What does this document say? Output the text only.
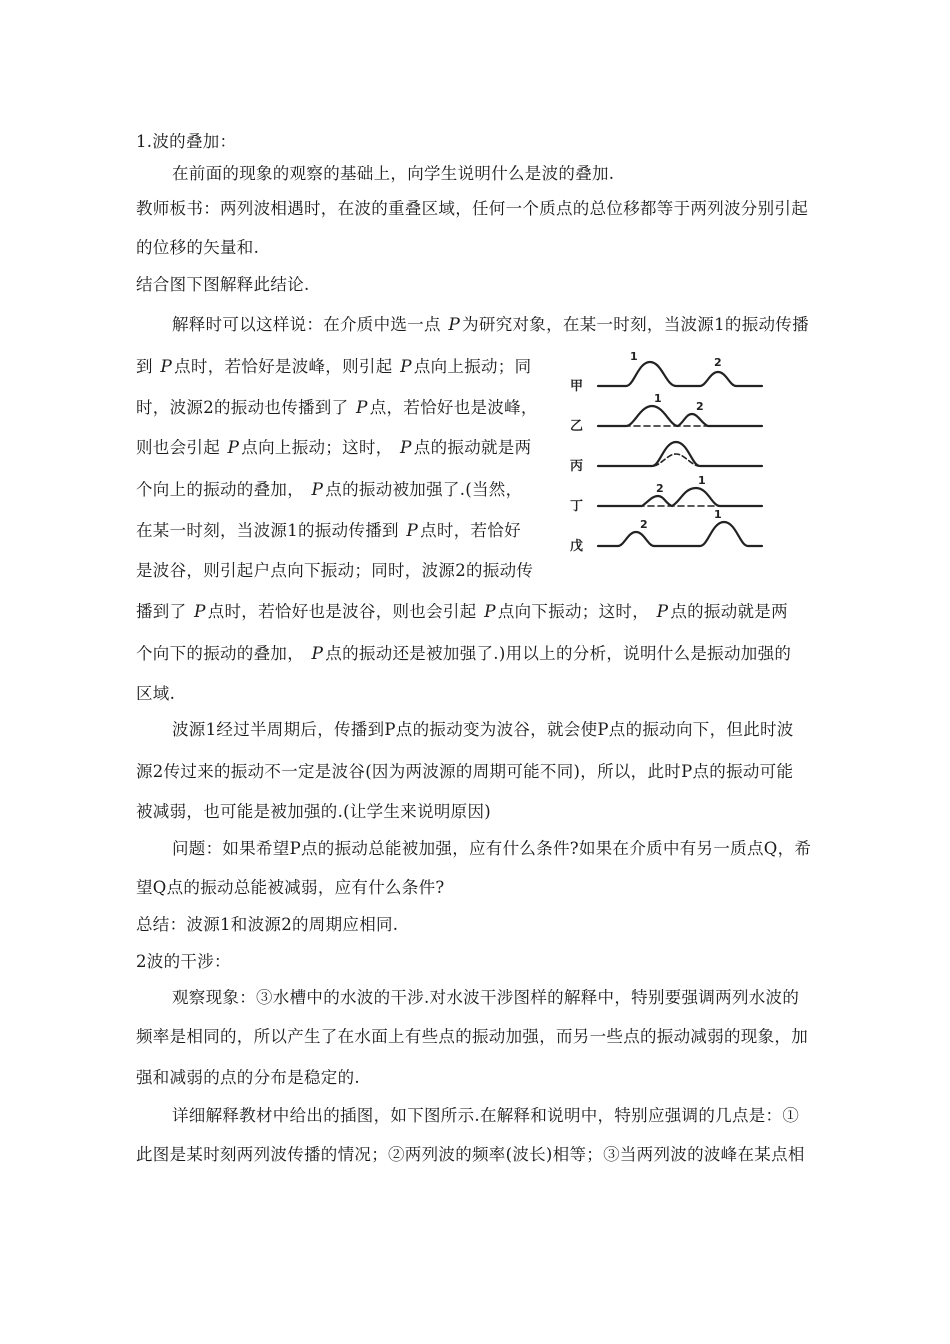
1.波的叠加：
在前面的现象的观察的基础上，向学生说明什么是波的叠加.
教师板书：两列波相遇时，在波的重叠区域，任何一个质点的总位移都等于两列波分别引起
的位移的矢量和.
结合图下图解释此结论.
解释时可以这样说：在介质中选一点 P 为研究对象，在某一时刻，当波源1的振动传播
到 P 点时，若恰好是波峰，则引起 P 点向上振动；同
时，波源2的振动也传播到了 P 点，若恰好也是波峰，
则也会引起 P 点向上振动；这时， P 点的振动就是两
个向上的振动的叠加， P 点的振动被加强了.(当然，
在某一时刻，当波源1的振动传播到 P 点时，若恰好
是波谷，则引起户点向下振动；同时，波源2的振动传
播到了 P 点时，若恰好也是波谷，则也会引起 P 点向下振动；这时， P 点的振动就是两
个向下的振动的叠加， P 点的振动还是被加强了.)用以上的分析，说明什么是振动加强的
区域.
波源1经过半周期后，传播到P点的振动变为波谷，就会使P点的振动向下，但此时波
源2传过来的振动不一定是波谷(因为两波源的周期可能不同)，所以，此时P点的振动可能
被减弱，也可能是被加强的.(让学生来说明原因)
问题：如果希望P点的振动总能被加强，应有什么条件?如果在介质中有另一质点Q，希
望Q点的振动总能被减弱，应有什么条件?
总结：波源1和波源2的周期应相同.
2波的干涉：
观察现象：③水槽中的水波的干涉.对水波干涉图样的解释中，特别要强调两列水波的
频率是相同的，所以产生了在水面上有些点的振动加强，而另一些点的振动减弱的现象，加
强和减弱的点的分布是稳定的.
详细解释教材中给出的插图，如下图所示.在解释和说明中，特别应强调的几点是：①
此图是某时刻两列波传播的情况；②两列波的频率(波长)相等；③当两列波的波峰在某点相
甲
1	2
乙
1
2
丙
丁
2
1
戊
2
1
